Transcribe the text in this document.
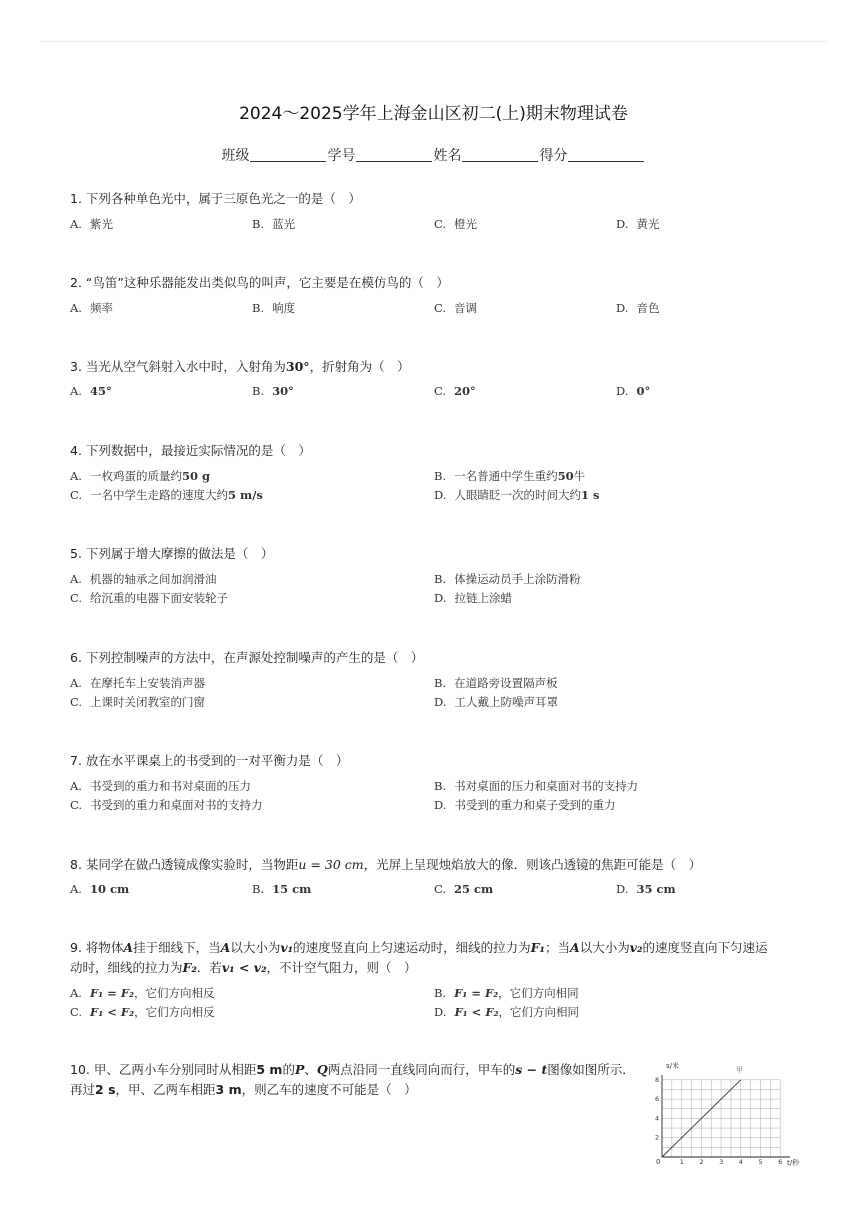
2024～2025学年上海金山区初二(上)期末物理试卷
班级	学号	姓名	得分
1. 下列各种单色光中，属于三原色光之一的是（　）
A. 紫光	B. 蓝光	C. 橙光	D. 黄光
2. “鸟笛”这种乐器能发出类似鸟的叫声，它主要是在模仿鸟的（　）
A. 频率	B. 响度	C. 音调	D. 音色
3. 当光从空气斜射入水中时，入射角为30°，折射角为（　）
A. 45°	B. 30°	C. 20°	D. 0°
4. 下列数据中，最接近实际情况的是（　）
A. 一枚鸡蛋的质量约50 g	B. 一名普通中学生重约50牛
C. 一名中学生走路的速度大约5 m/s	D. 人眼睛眨一次的时间大约1 s
5. 下列属于增大摩擦的做法是（　）
A. 机器的轴承之间加润滑油	B. 体操运动员手上涂防滑粉
C. 给沉重的电器下面安装轮子	D. 拉链上涂蜡
6. 下列控制噪声的方法中，在声源处控制噪声的产生的是（　）
A. 在摩托车上安装消声器	B. 在道路旁设置隔声板
C. 上课时关闭教室的门窗	D. 工人戴上防噪声耳罩
7. 放在水平课桌上的书受到的一对平衡力是（　）
A. 书受到的重力和书对桌面的压力	B. 书对桌面的压力和桌面对书的支持力
C. 书受到的重力和桌面对书的支持力	D. 书受到的重力和桌子受到的重力
8. 某同学在做凸透镜成像实验时，当物距u = 30 cm，光屏上呈现烛焰放大的像．则该凸透镜的焦距可能是（　）
A. 10 cm	B. 15 cm	C. 25 cm	D. 35 cm
9. 将物体A挂于细线下，当A以大小为v₁的速度竖直向上匀速运动时，细线的拉力为F₁；当A以大小为v₂的速度竖直向下匀速运
动时，细线的拉力为F₂．若v₁ < v₂，不计空气阻力，则（　）
A. F₁ = F₂，它们方向相反	B. F₁ = F₂，它们方向相同
C. F₁ < F₂，它们方向相反	D. F₁ < F₂，它们方向相同
10. 甲、乙两小车分别同时从相距5 m的P、Q两点沿同一直线同向而行，甲车的s − t图像如图所示．
再过2 s，甲、乙两车相距3 m，则乙车的速度不可能是（　）
1 2 3 4 5 6
2
4
6
8
s/米
t/秒
甲
0
